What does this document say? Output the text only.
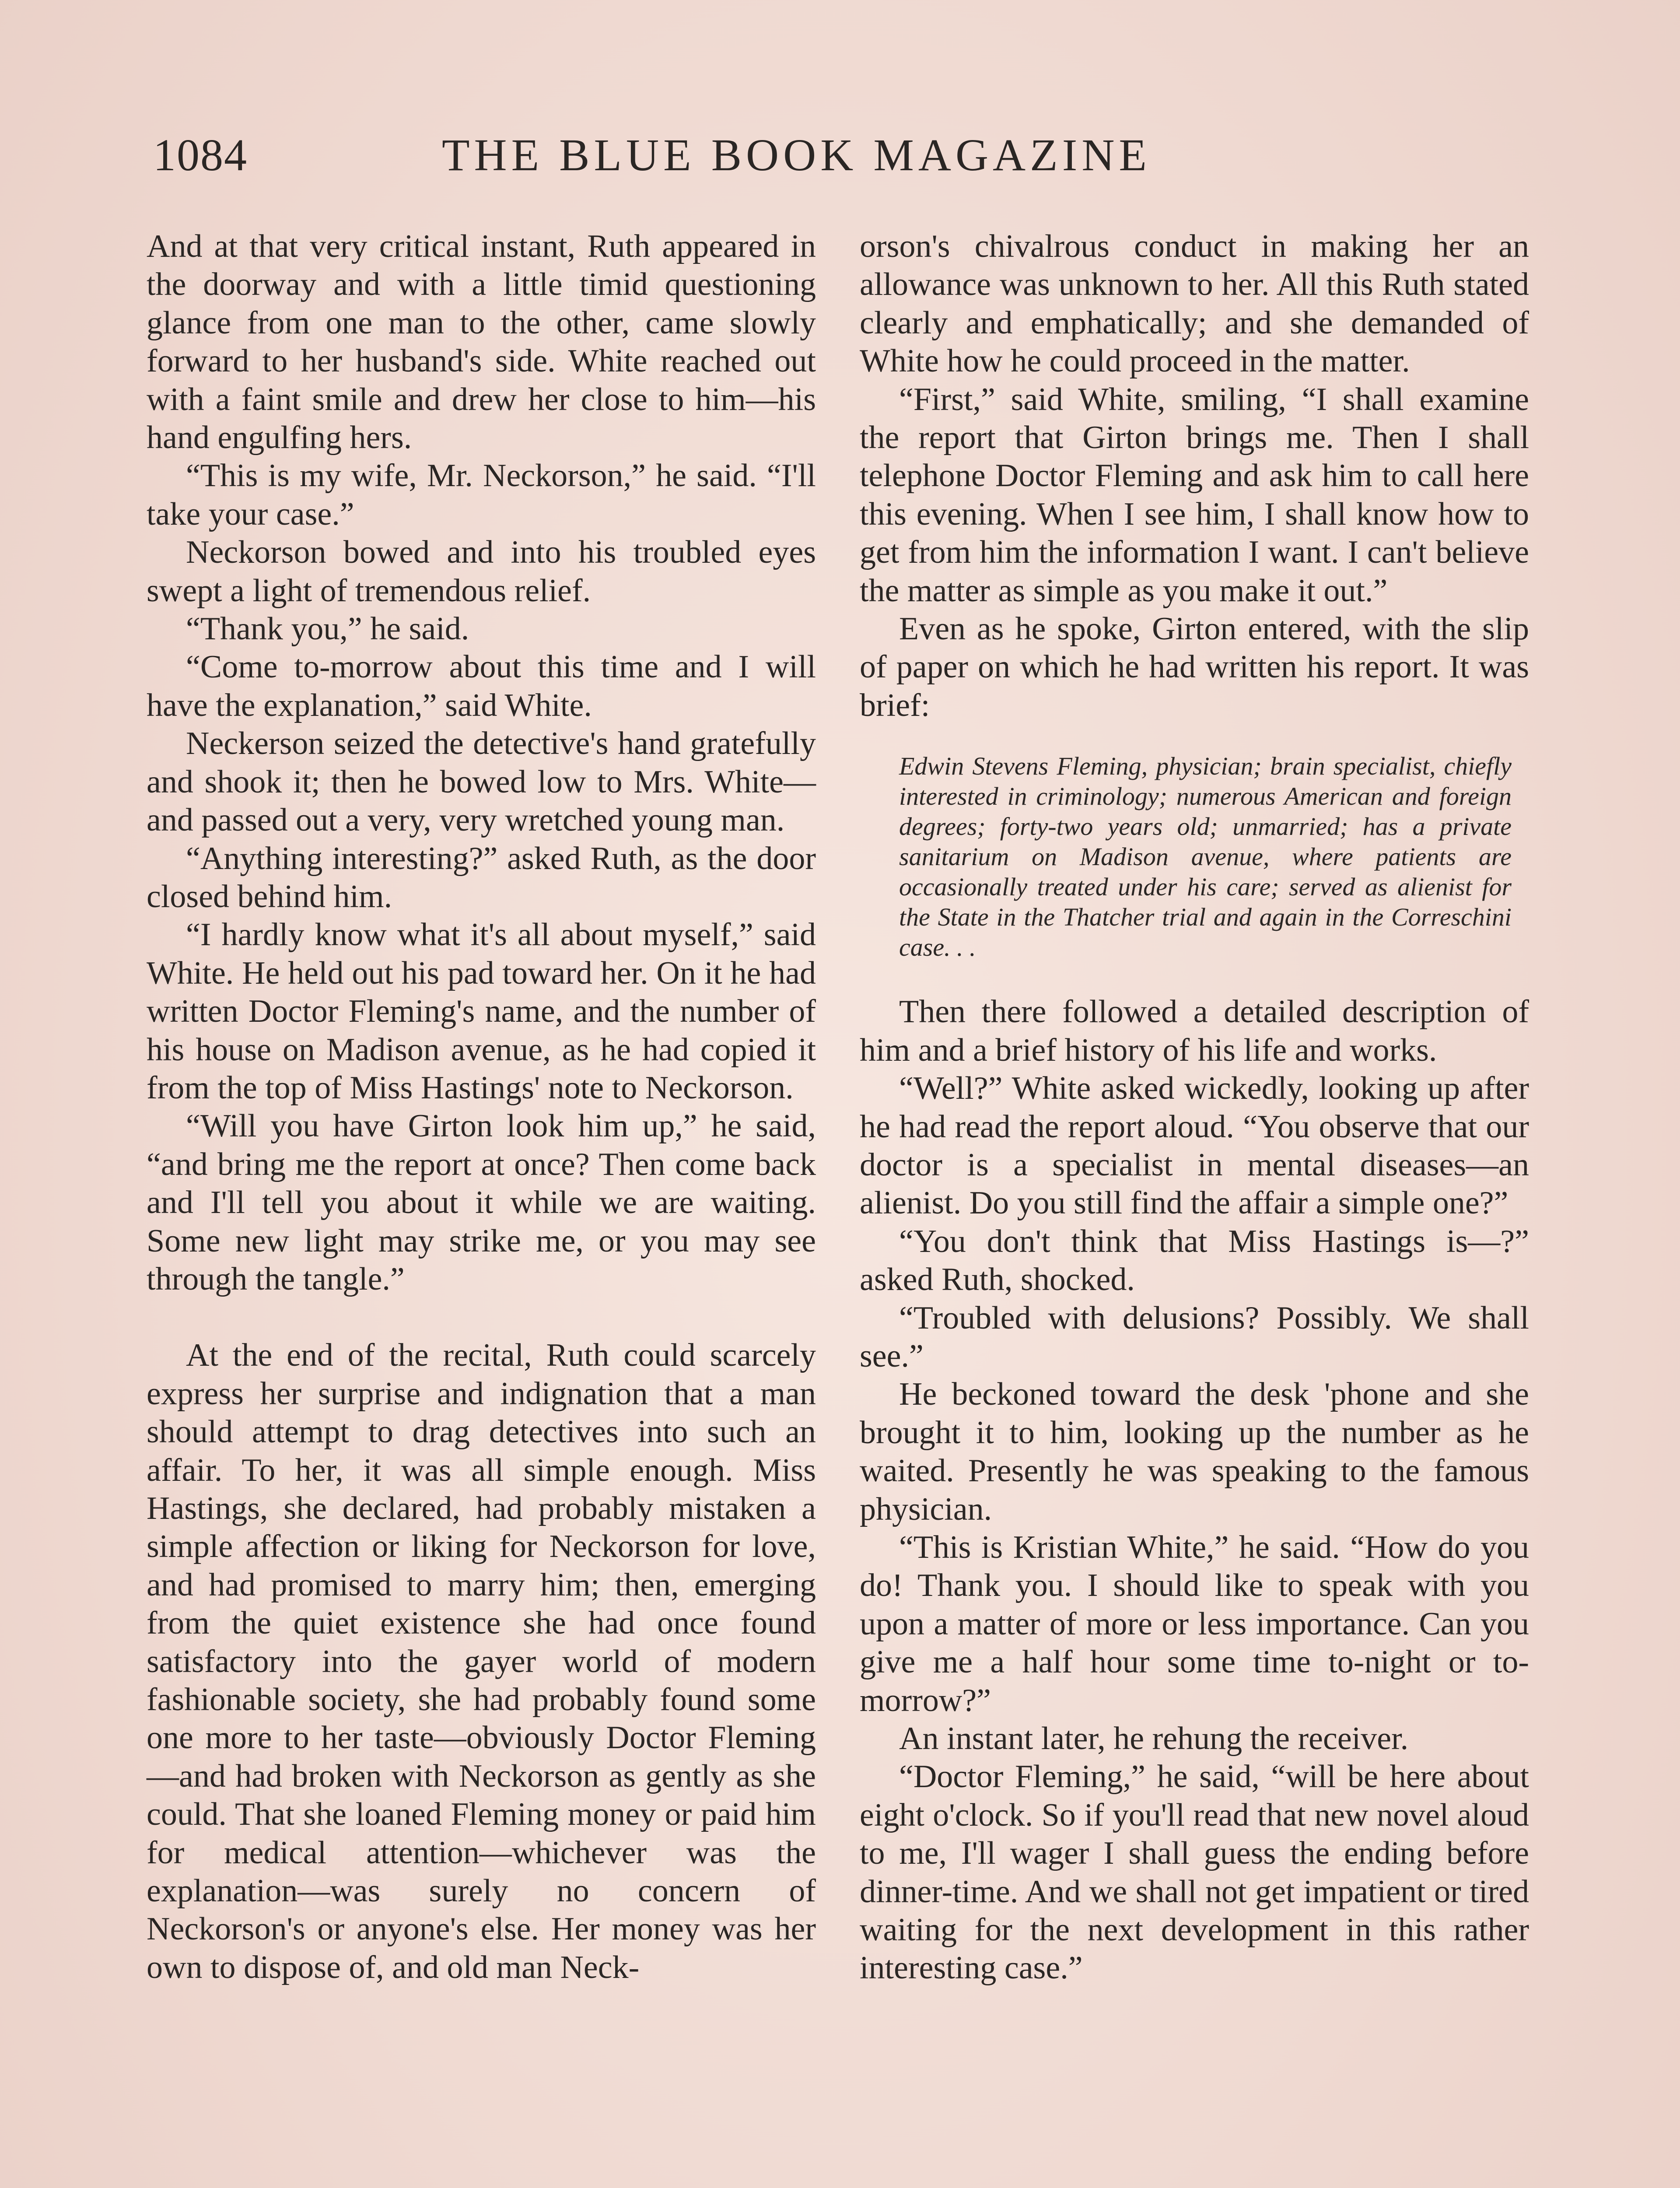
1084	THE BLUE BOOK MAGAZINE

And at that very critical instant, Ruth appeared in the doorway and with a little timid questioning glance from one man to the other, came slowly forward to her husband's side. White reached out with a faint smile and drew her close to him—his hand engulfing hers.

“This is my wife, Mr. Neckorson,” he said. “I'll take your case.”

Neckorson bowed and into his troubled eyes swept a light of tremendous relief.

“Thank you,” he said.

“Come to-morrow about this time and I will have the explanation,” said White.

Neckerson seized the detective's hand gratefully and shook it; then he bowed low to Mrs. White—and passed out a very, very wretched young man.

“Anything interesting?” asked Ruth, as the door closed behind him.

“I hardly know what it's all about myself,” said White. He held out his pad toward her. On it he had written Doctor Fleming's name, and the number of his house on Madison avenue, as he had copied it from the top of Miss Hastings' note to Neckorson.

“Will you have Girton look him up,” he said, “and bring me the report at once? Then come back and I'll tell you about it while we are waiting. Some new light may strike me, or you may see through the tangle.”

At the end of the recital, Ruth could scarcely express her surprise and indignation that a man should attempt to drag detectives into such an affair. To her, it was all simple enough. Miss Hastings, she declared, had probably mistaken a simple affection or liking for Neckorson for love, and had promised to marry him; then, emerging from the quiet existence she had once found satisfactory into the gayer world of modern fashionable society, she had probably found some one more to her taste—obviously Doctor Fleming—and had broken with Neckorson as gently as she could. That she loaned Fleming money or paid him for medical attention—whichever was the explanation—was surely no concern of Neckorson's or anyone's else. Her money was her own to dispose of, and old man Neck-

orson's chivalrous conduct in making her an allowance was unknown to her. All this Ruth stated clearly and emphatically; and she demanded of White how he could proceed in the matter.

“First,” said White, smiling, “I shall examine the report that Girton brings me. Then I shall telephone Doctor Fleming and ask him to call here this evening. When I see him, I shall know how to get from him the information I want. I can't believe the matter as simple as you make it out.”

Even as he spoke, Girton entered, with the slip of paper on which he had written his report. It was brief:

Edwin Stevens Fleming, physician; brain specialist, chiefly interested in criminology; numerous American and foreign degrees; forty-two years old; unmarried; has a private sanitarium on Madison avenue, where patients are occasionally treated under his care; served as alienist for the State in the Thatcher trial and again in the Correschini case. . .

Then there followed a detailed description of him and a brief history of his life and works.

“Well?” White asked wickedly, looking up after he had read the report aloud. “You observe that our doctor is a specialist in mental diseases—an alienist. Do you still find the affair a simple one?”

“You don't think that Miss Hastings is—?” asked Ruth, shocked.

“Troubled with delusions? Possibly. We shall see.”

He beckoned toward the desk 'phone and she brought it to him, looking up the number as he waited. Presently he was speaking to the famous physician.

“This is Kristian White,” he said. “How do you do! Thank you. I should like to speak with you upon a matter of more or less importance. Can you give me a half hour some time to-night or to-morrow?”

An instant later, he rehung the receiver.

“Doctor Fleming,” he said, “will be here about eight o'clock. So if you'll read that new novel aloud to me, I'll wager I shall guess the ending before dinner-time. And we shall not get impatient or tired waiting for the next development in this rather interesting case.”
